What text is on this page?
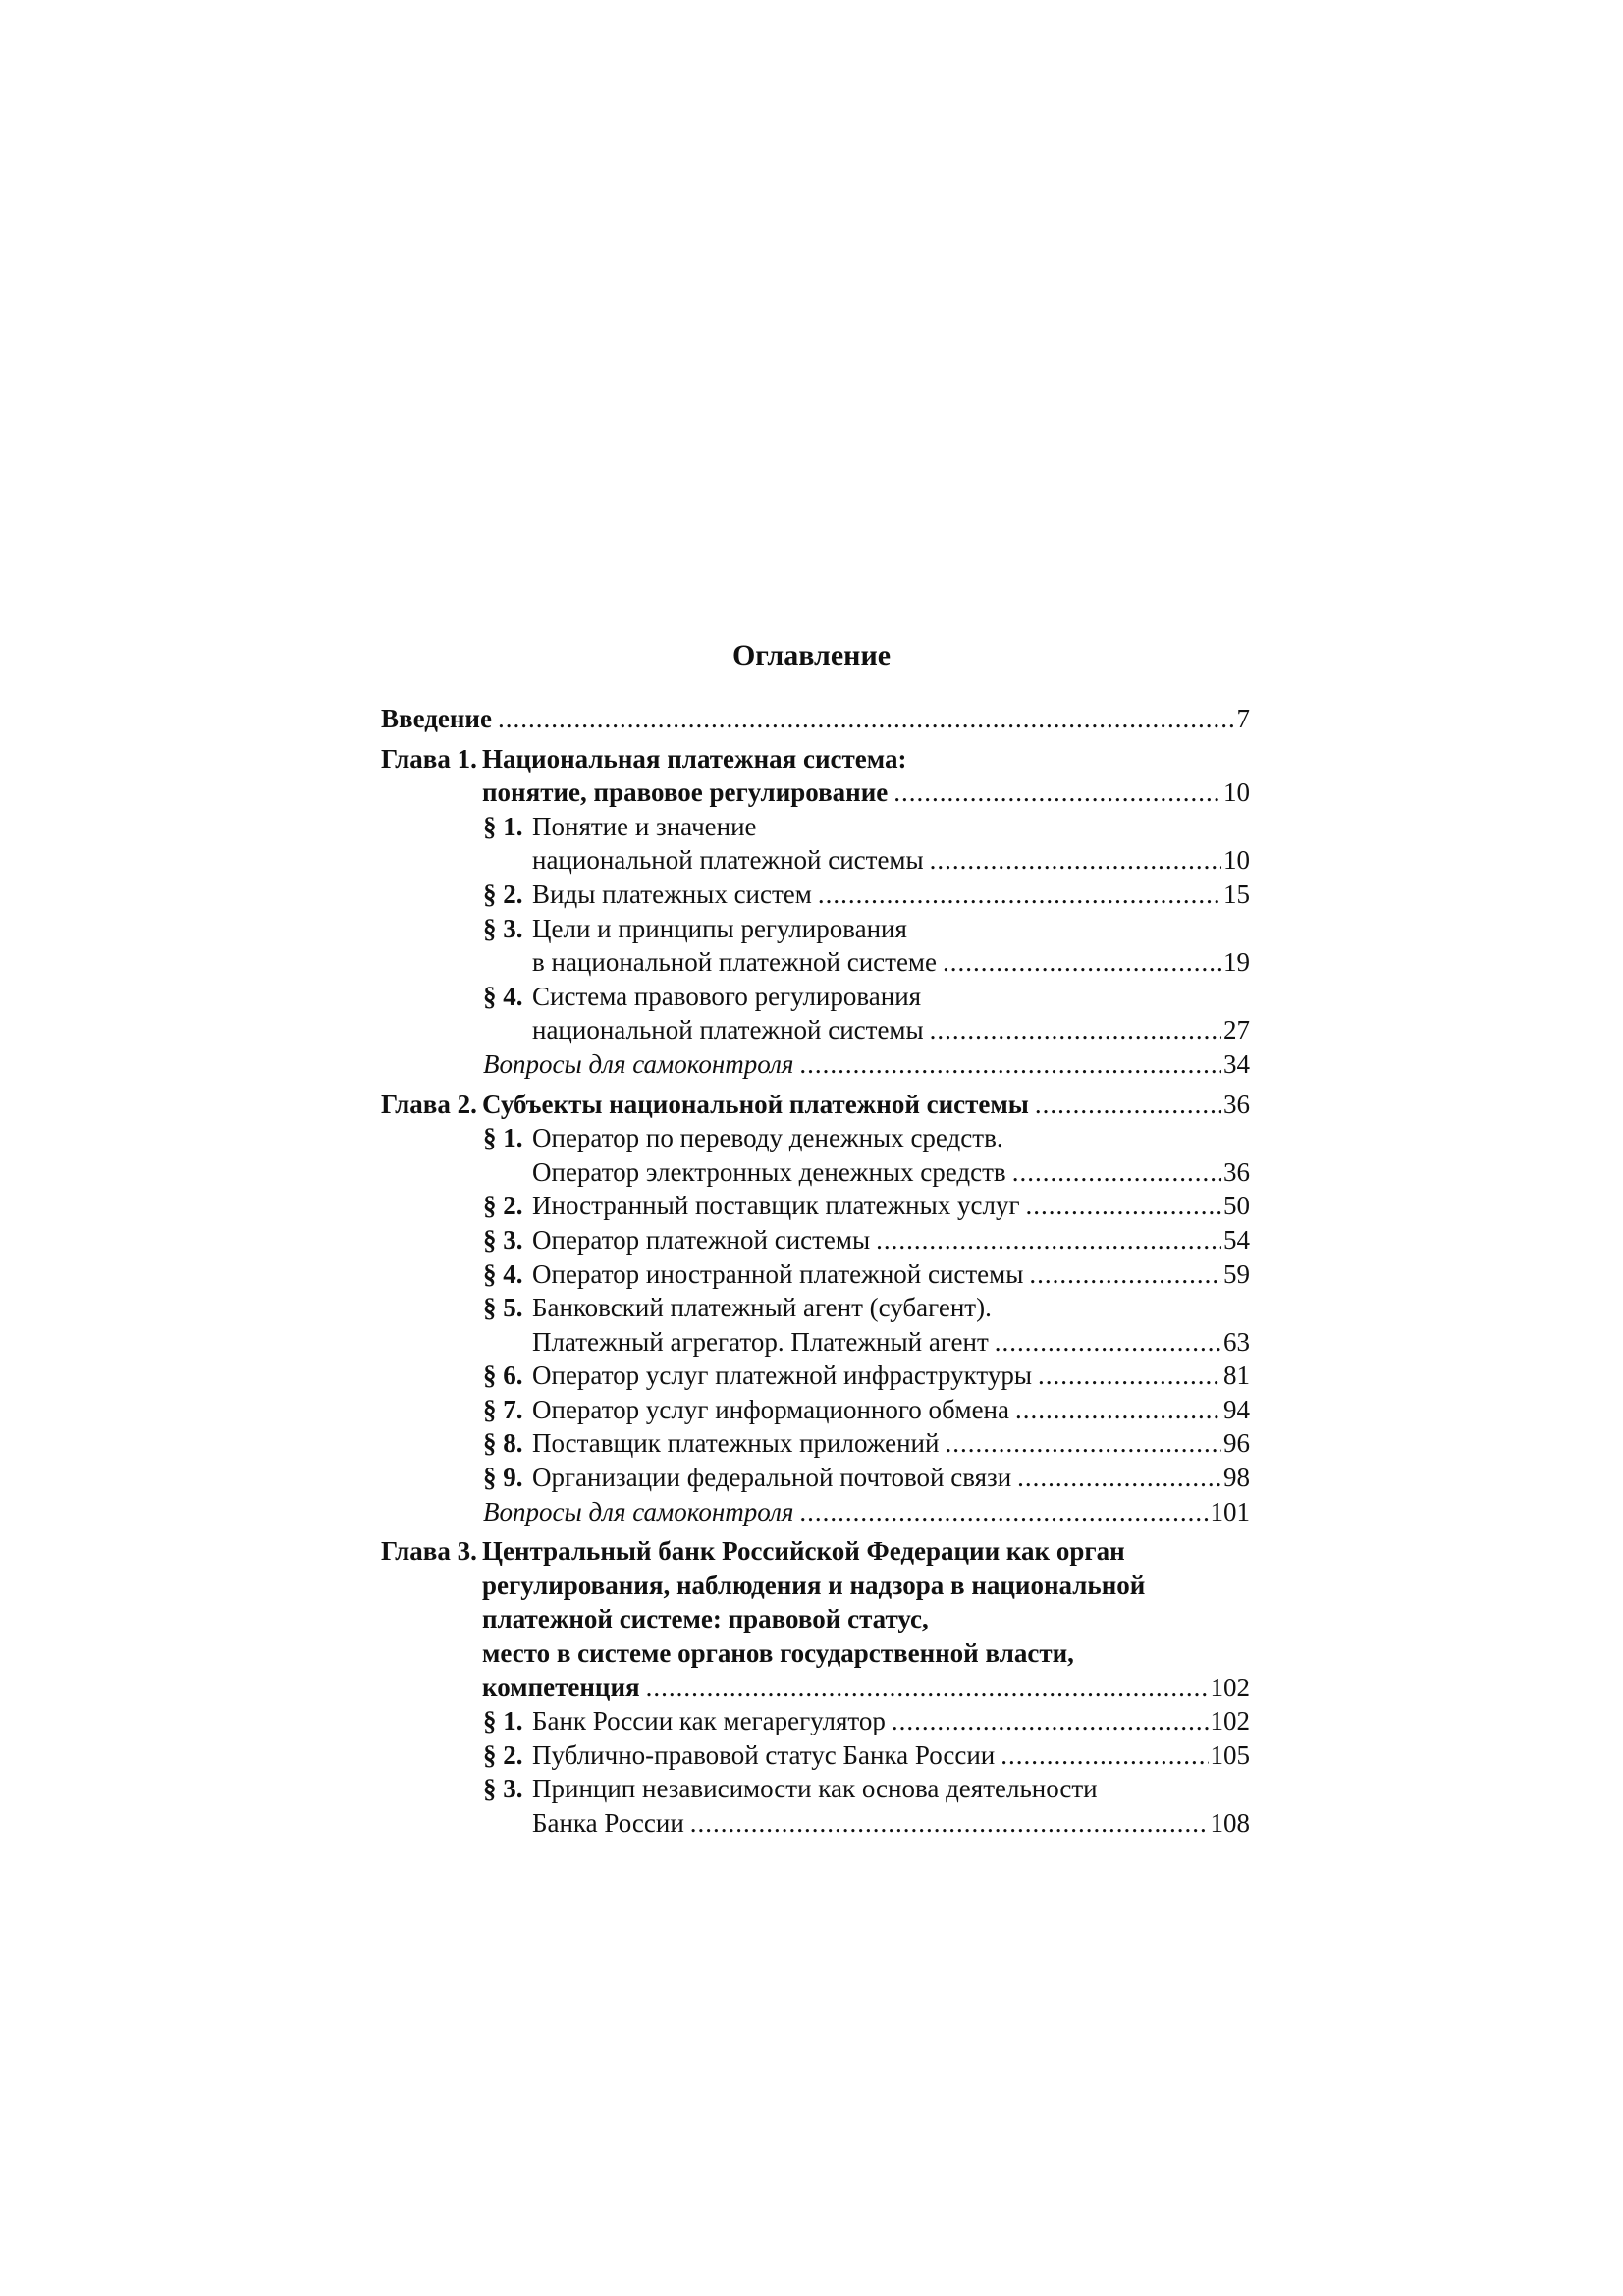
Оглавление
Введение .....	7
Глава 1. Национальная платежная система:
понятие, правовое регулирование .....	10
§ 1. Понятие и значение
национальной платежной системы .....	10
§ 2. Виды платежных систем .....	15
§ 3. Цели и принципы регулирования
в национальной платежной системе .....	19
§ 4. Система правового регулирования
национальной платежной системы .....	27
Вопросы для самоконтроля .....	34
Глава 2. Субъекты национальной платежной системы .....	36
§ 1. Оператор по переводу денежных средств.
Оператор электронных денежных средств .....	36
§ 2. Иностранный поставщик платежных услуг .....	50
§ 3. Оператор платежной системы .....	54
§ 4. Оператор иностранной платежной системы .....	59
§ 5. Банковский платежный агент (субагент).
Платежный агрегатор. Платежный агент .....	63
§ 6. Оператор услуг платежной инфраструктуры .....	81
§ 7. Оператор услуг информационного обмена .....	94
§ 8. Поставщик платежных приложений .....	96
§ 9. Организации федеральной почтовой связи .....	98
Вопросы для самоконтроля .....	101
Глава 3. Центральный банк Российской Федерации как орган
регулирования, наблюдения и надзора в национальной
платежной системе: правовой статус,
место в системе органов государственной власти,
компетенция .....	102
§ 1. Банк России как мегарегулятор .....	102
§ 2. Публично-правовой статус Банка России .....	105
§ 3. Принцип независимости как основа деятельности
Банка России .....	108
